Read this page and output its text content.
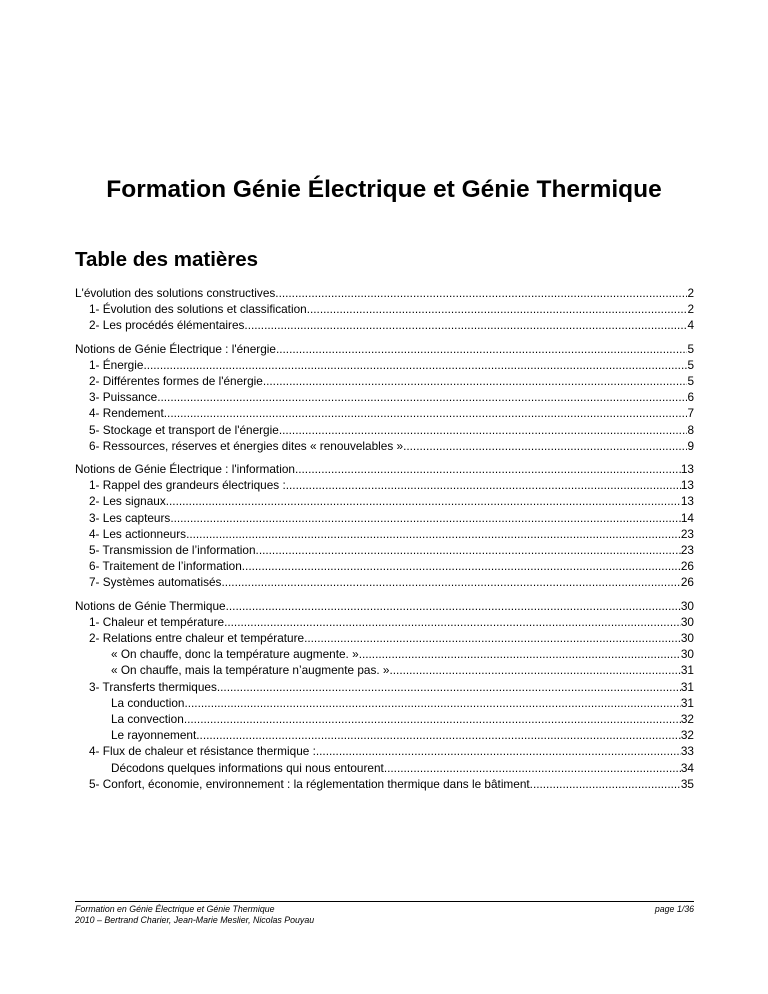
Formation Génie Électrique et Génie Thermique
Table des matières
L'évolution des solutions constructives .....	2
1- Évolution des solutions et classification .....	2
2- Les procédés élémentaires .....	4
Notions de Génie Électrique : l'énergie .....	5
1- Énergie .....	5
2- Différentes formes de l'énergie .....	5
3- Puissance .....	6
4- Rendement .....	7
5- Stockage et transport de l'énergie .....	8
6- Ressources, réserves et énergies dites « renouvelables » .....	9
Notions de Génie Électrique : l'information .....	13
1- Rappel des grandeurs électriques : .....	13
2- Les signaux .....	13
3- Les capteurs .....	14
4- Les actionneurs .....	23
5- Transmission de l’information .....	23
6- Traitement de l’information .....	26
7- Systèmes automatisés .....	26
Notions de Génie Thermique .....	30
1- Chaleur et température .....	30
2- Relations entre chaleur et température .....	30
« On chauffe, donc la température augmente. » .....	30
« On chauffe, mais la température n’augmente pas. » .....	31
3- Transferts thermiques .....	31
La conduction .....	31
La convection .....	32
Le rayonnement .....	32
4- Flux de chaleur et résistance thermique : .....	33
Décodons quelques informations qui nous entourent .....	34
5- Confort, économie, environnement : la réglementation thermique dans le bâtiment .....	35
Formation en Génie Électrique et Génie Thermique
2010 – Bertrand Charier, Jean-Marie Meslier, Nicolas Pouyau
page 1/36
